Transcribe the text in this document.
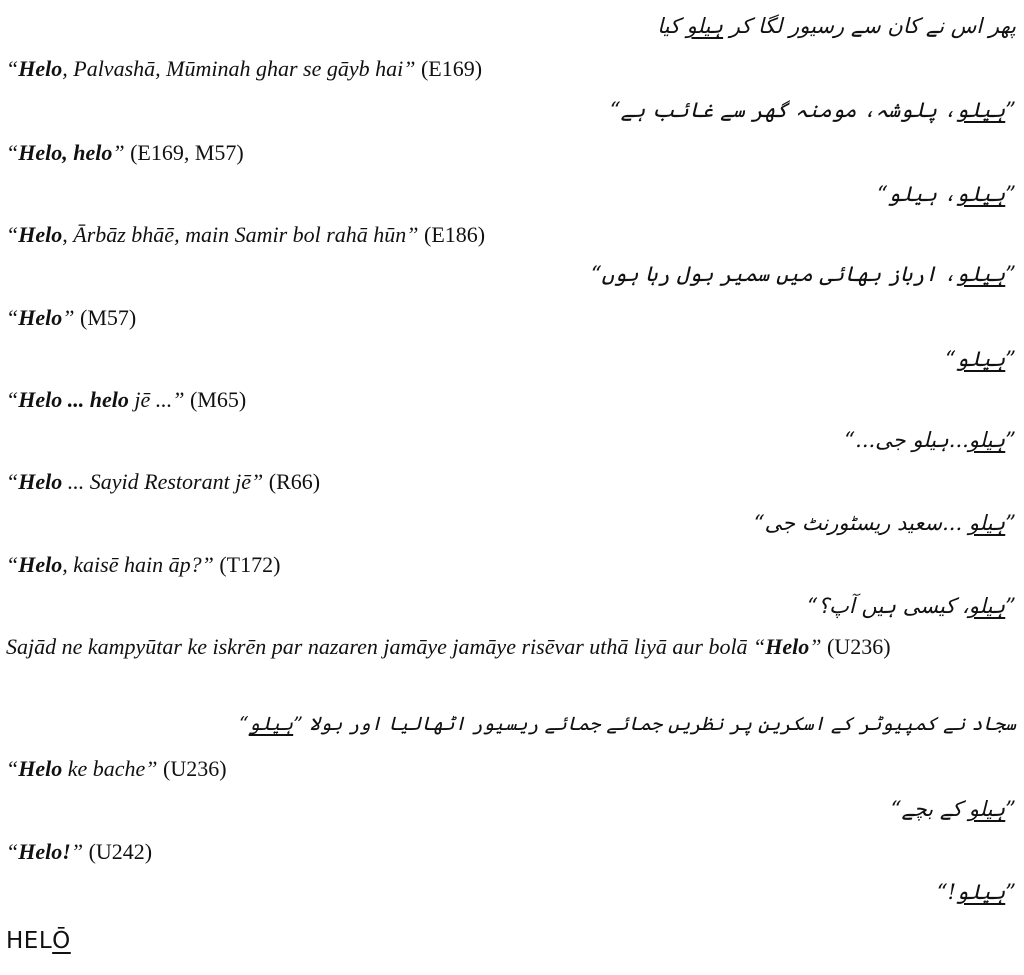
پھر اس نے کان سے رسیور لگا کر ہیلو کیا
“Helo, Palvashā, Mūminah ghar se gāyb hai” (E169)
”ہیلو، پلوشہ، مومنہ گھر سے غائب ہے“
“Helo, helo” (E169, M57)
”ہیلو، ہیلو“
“Helo, Ārbāz bhāē, main Samir bol rahā hūn” (E186)
”ہیلو، ارباز بھائی میں سمیر بول رہا ہوں“
“Helo” (M57)
”ہیلو“
“Helo ... helo jē ...” (M65)
”ہیلو...ہیلو جی...“
“Helo ... Sayid Restorant jē” (R66)
”ہیلو ...سعید ریسٹورنٹ جی“
“Helo, kaisē hain āp?” (T172)
”ہیلو، کیسی ہیں آپ؟“
Sajād ne kampyūtar ke iskrēn par nazaren jamāye jamāye risēvar uthā liyā aur bolā “Helo” (U236)
سجاد نے کمپیوٹر کے اسکرین پر نظریں جمائے جمائے ریسیور اٹھالیا اور بولا ”ہیلو“
“Helo ke bache” (U236)
”ہیلو کے بچے“
“Helo!” (U242)
”ہیلو!“
HELŌ
